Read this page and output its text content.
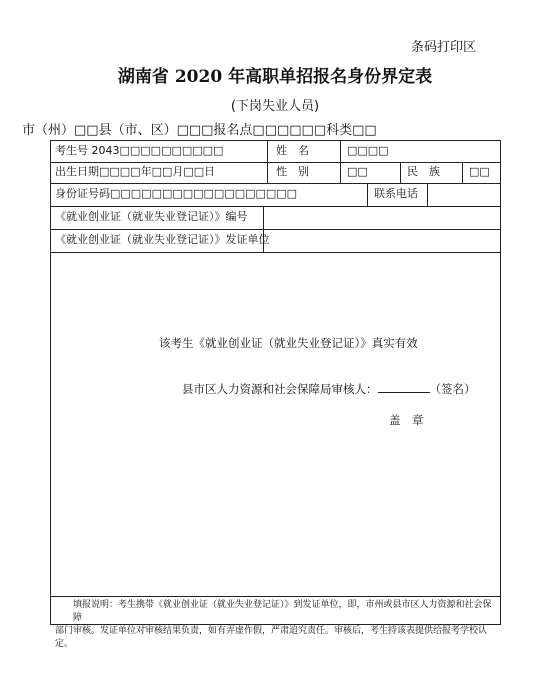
条码打印区
湖南省 2020 年高职单招报名身份界定表
(下岗失业人员)
市（州）□□县（市、区）□□□报名点□□□□□□科类□□
考生号 2043□□□□□□□□□□	姓　名	□□□□
出生日期□□□□年□□月□□日	性　别	□□	民　族	□□
身份证号码□□□□□□□□□□□□□□□□□□	联系电话
《就业创业证（就业失业登记证）》编号
《就业创业证（就业失业登记证）》发证单位
该考生《就业创业证（就业失业登记证）》真实有效
县市区人力资源和社会保障局审核人：	（签名）
盖　章

填报说明：考生携带《就业创业证（就业失业登记证）》到发证单位，即，市州或县市区人力资源和社会保障

部门审核。发证单位对审核结果负责，如有弄虚作假，严肃追究责任。审核后，考生持该表提供给报考学校认定。
